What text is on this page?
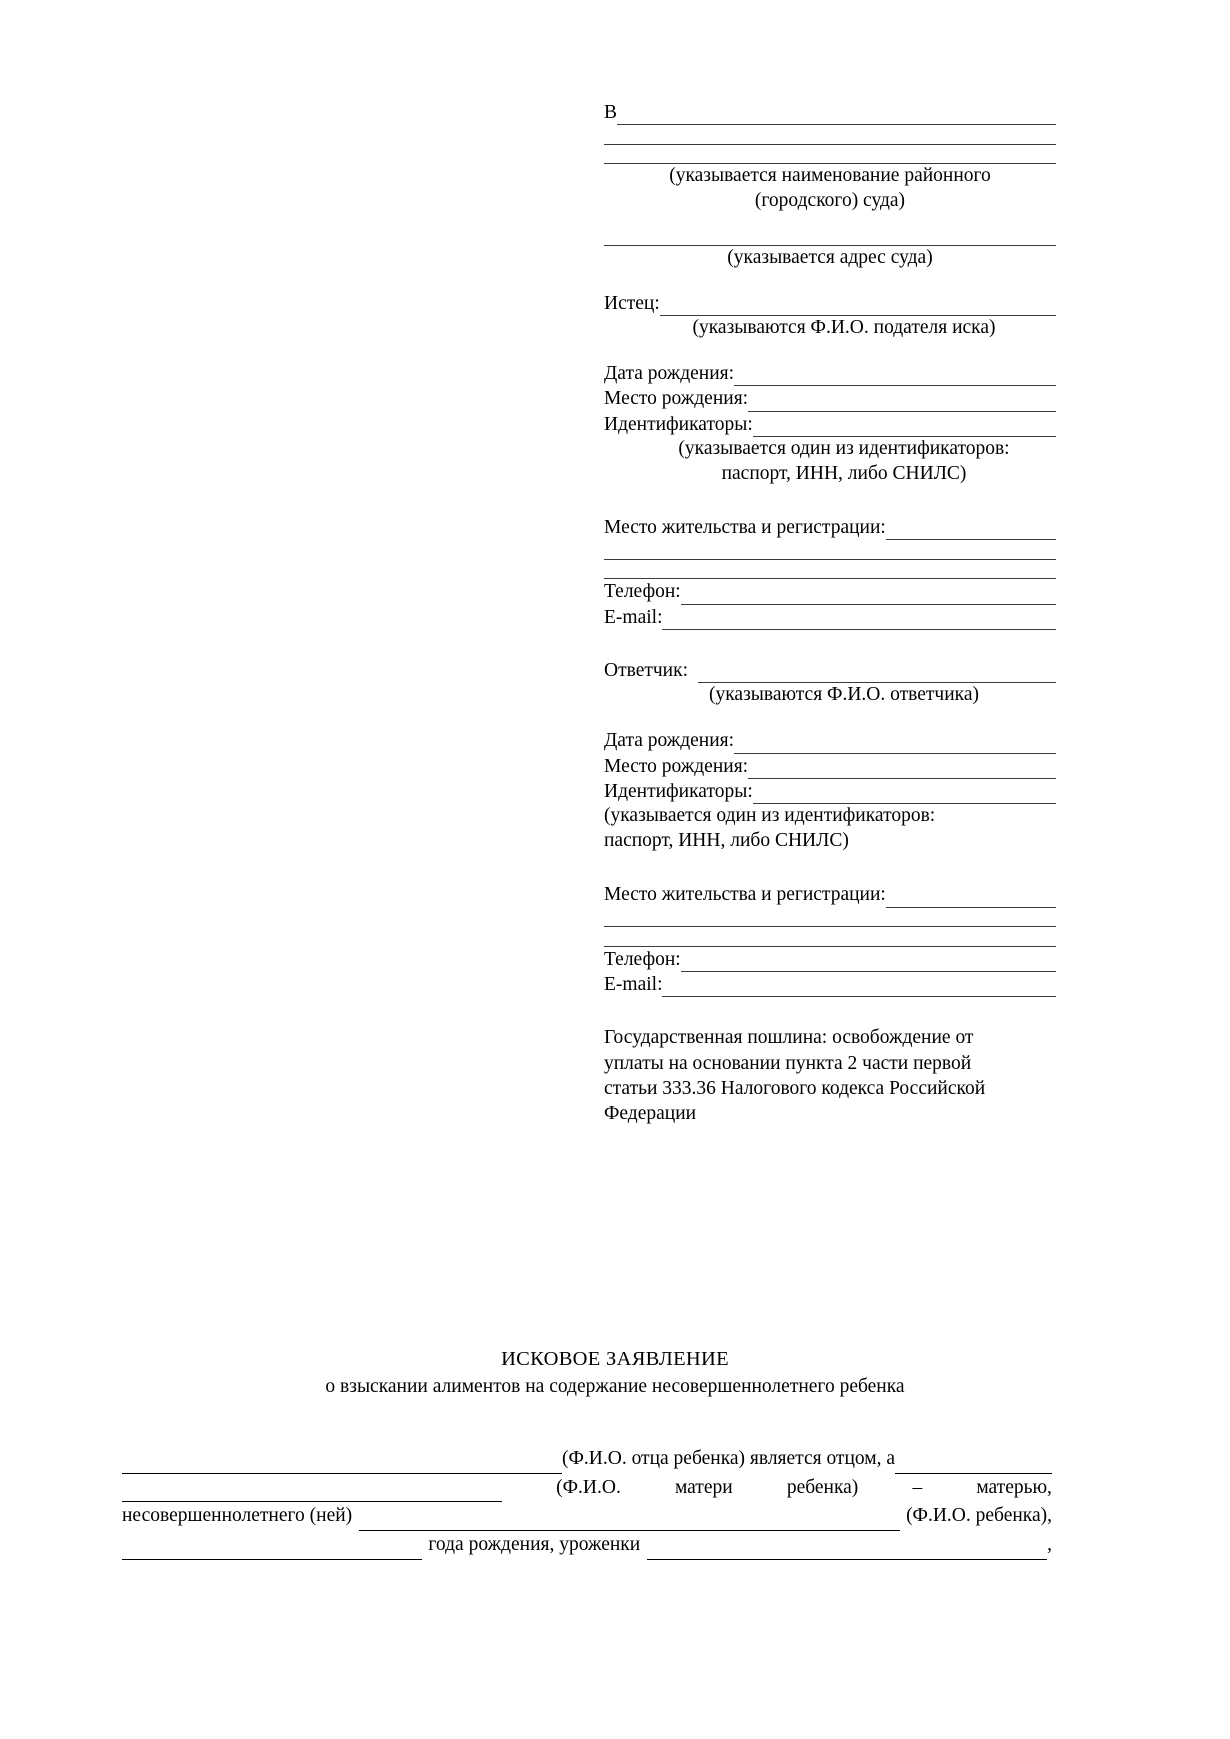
В
(указывается наименование районного
(городского) суда)
(указывается адрес суда)
Истец:
(указываются Ф.И.О. подателя иска)
Дата рождения:
Место рождения:
Идентификаторы:
(указывается один из идентификаторов:
паспорт, ИНН, либо СНИЛС)
Место жительства и регистрации:
Телефон:
E-mail:
Ответчик:
(указываются Ф.И.О. ответчика)
Дата рождения:
Место рождения:
Идентификаторы:
(указывается один из идентификаторов:
паспорт, ИНН, либо СНИЛС)
Место жительства и регистрации:
Телефон:
E-mail:
Государственная пошлина: освобождение от
уплаты на основании пункта 2 части первой
статьи 333.36 Налогового кодекса Российской
Федерации
ИСКОВОЕ ЗАЯВЛЕНИЕ
о взыскании алиментов на содержание несовершеннолетнего ребенка
(Ф.И.О. отца ребенка) является отцом, а
(Ф.И.О.	матери	ребенка)	–	матерью,
несовершеннолетнего (ней)	(Ф.И.О. ребенка),
года рождения, уроженки	,
